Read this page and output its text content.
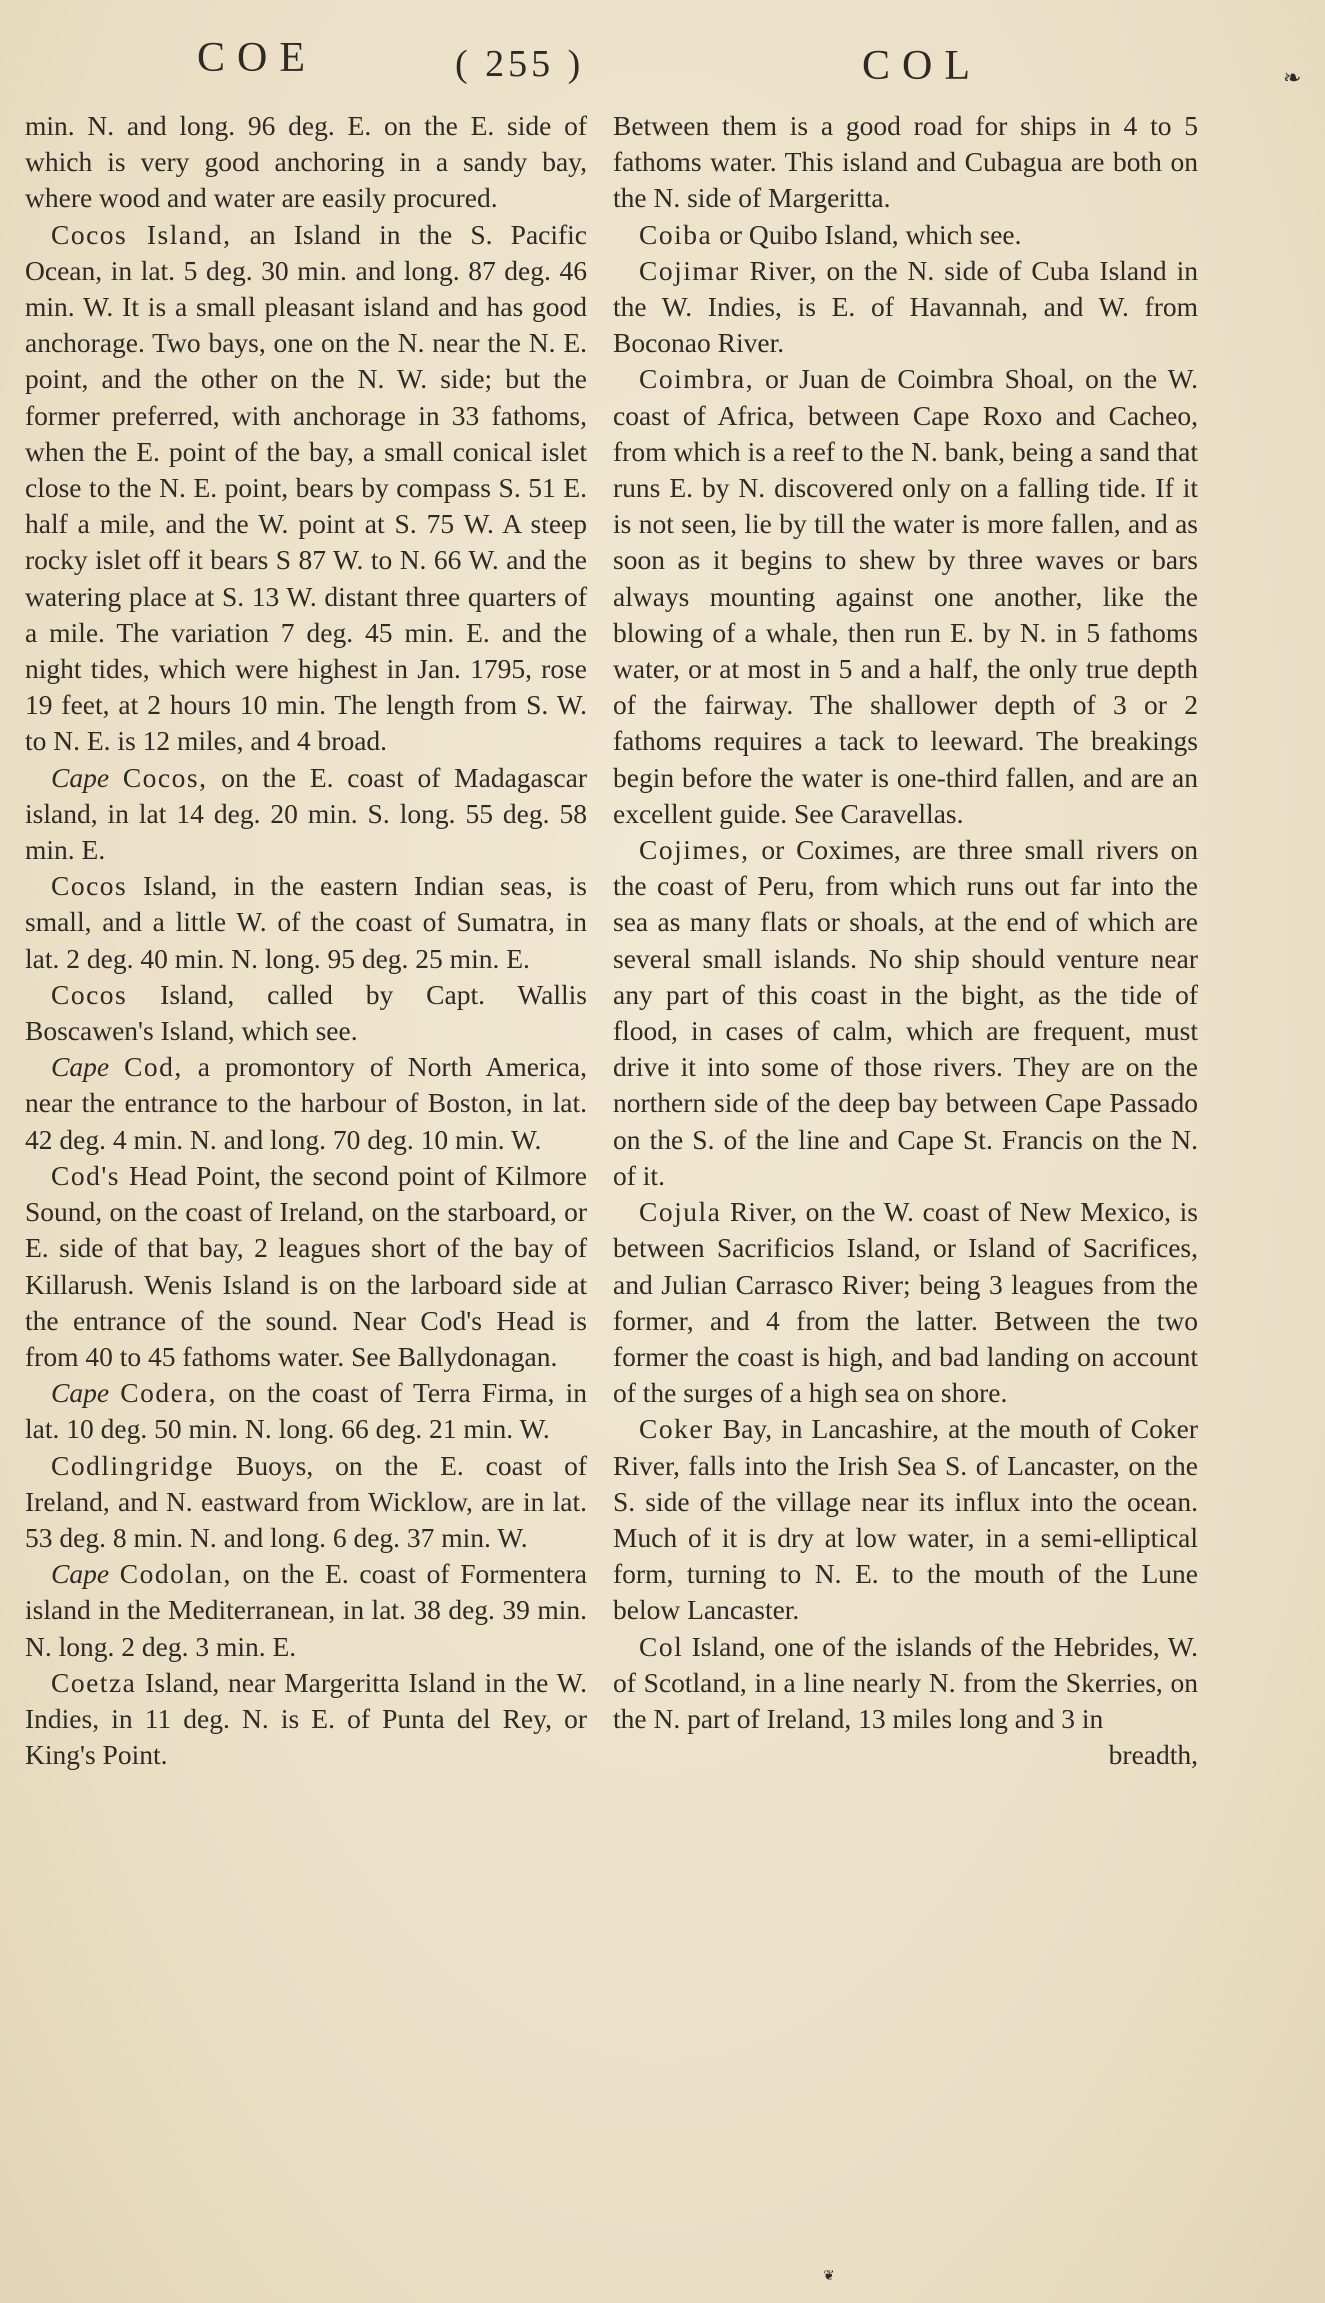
COE	( 255 )	COL	❧

min. N. and long. 96 deg. E. on the E. side of which is very good anchoring in a sandy bay, where wood and water are easily procured.

Cocos Island, an Island in the S. Pacific Ocean, in lat. 5 deg. 30 min. and long. 87 deg. 46 min. W. It is a small pleasant island and has good anchorage. Two bays, one on the N. near the N. E. point, and the other on the N. W. side; but the former preferred, with anchorage in 33 fathoms, when the E. point of the bay, a small conical islet close to the N. E. point, bears by compass S. 51 E. half a mile, and the W. point at S. 75 W. A steep rocky islet off it bears S 87 W. to N. 66 W. and the watering place at S. 13 W. distant three quarters of a mile. The variation 7 deg. 45 min. E. and the night tides, which were highest in Jan. 1795, rose 19 feet, at 2 hours 10 min. The length from S. W. to N. E. is 12 miles, and 4 broad.

Cape Cocos, on the E. coast of Madagascar island, in lat 14 deg. 20 min. S. long. 55 deg. 58 min. E.

Cocos Island, in the eastern Indian seas, is small, and a little W. of the coast of Sumatra, in lat. 2 deg. 40 min. N. long. 95 deg. 25 min. E.

Cocos Island, called by Capt. Wallis Boscawen's Island, which see.

Cape Cod, a promontory of North America, near the entrance to the harbour of Boston, in lat. 42 deg. 4 min. N. and long. 70 deg. 10 min. W.

Cod's Head Point, the second point of Kilmore Sound, on the coast of Ireland, on the starboard, or E. side of that bay, 2 leagues short of the bay of Killarush. Wenis Island is on the larboard side at the entrance of the sound. Near Cod's Head is from 40 to 45 fathoms water. See Ballydonagan.

Cape Codera, on the coast of Terra Firma, in lat. 10 deg. 50 min. N. long. 66 deg. 21 min. W.

Codlingridge Buoys, on the E. coast of Ireland, and N. eastward from Wicklow, are in lat. 53 deg. 8 min. N. and long. 6 deg. 37 min. W.

Cape Codolan, on the E. coast of Formentera island in the Mediterranean, in lat. 38 deg. 39 min. N. long. 2 deg. 3 min. E.

Coetza Island, near Margeritta Island in the W. Indies, in 11 deg. N. is E. of Punta del Rey, or King's Point.

Between them is a good road for ships in 4 to 5 fathoms water. This island and Cubagua are both on the N. side of Margeritta.

Coiba or Quibo Island, which see.

Cojimar River, on the N. side of Cuba Island in the W. Indies, is E. of Havannah, and W. from Boconao River.

Coimbra, or Juan de Coimbra Shoal, on the W. coast of Africa, between Cape Roxo and Cacheo, from which is a reef to the N. bank, being a sand that runs E. by N. discovered only on a falling tide. If it is not seen, lie by till the water is more fallen, and as soon as it begins to shew by three waves or bars always mounting against one another, like the blowing of a whale, then run E. by N. in 5 fathoms water, or at most in 5 and a half, the only true depth of the fairway. The shallower depth of 3 or 2 fathoms requires a tack to leeward. The breakings begin before the water is one-third fallen, and are an excellent guide. See Caravellas.

Cojimes, or Coximes, are three small rivers on the coast of Peru, from which runs out far into the sea as many flats or shoals, at the end of which are several small islands. No ship should venture near any part of this coast in the bight, as the tide of flood, in cases of calm, which are frequent, must drive it into some of those rivers. They are on the northern side of the deep bay between Cape Passado on the S. of the line and Cape St. Francis on the N. of it.

Cojula River, on the W. coast of New Mexico, is between Sacrificios Island, or Island of Sacrifices, and Julian Carrasco River; being 3 leagues from the former, and 4 from the latter. Between the two former the coast is high, and bad landing on account of the surges of a high sea on shore.

Coker Bay, in Lancashire, at the mouth of Coker River, falls into the Irish Sea S. of Lancaster, on the S. side of the village near its influx into the ocean. Much of it is dry at low water, in a semi-elliptical form, turning to N. E. to the mouth of the Lune below Lancaster.

Col Island, one of the islands of the Hebrides, W. of Scotland, in a line nearly N. from the Skerries, on the N. part of Ireland, 13 miles long and 3 in

breadth,

❦
